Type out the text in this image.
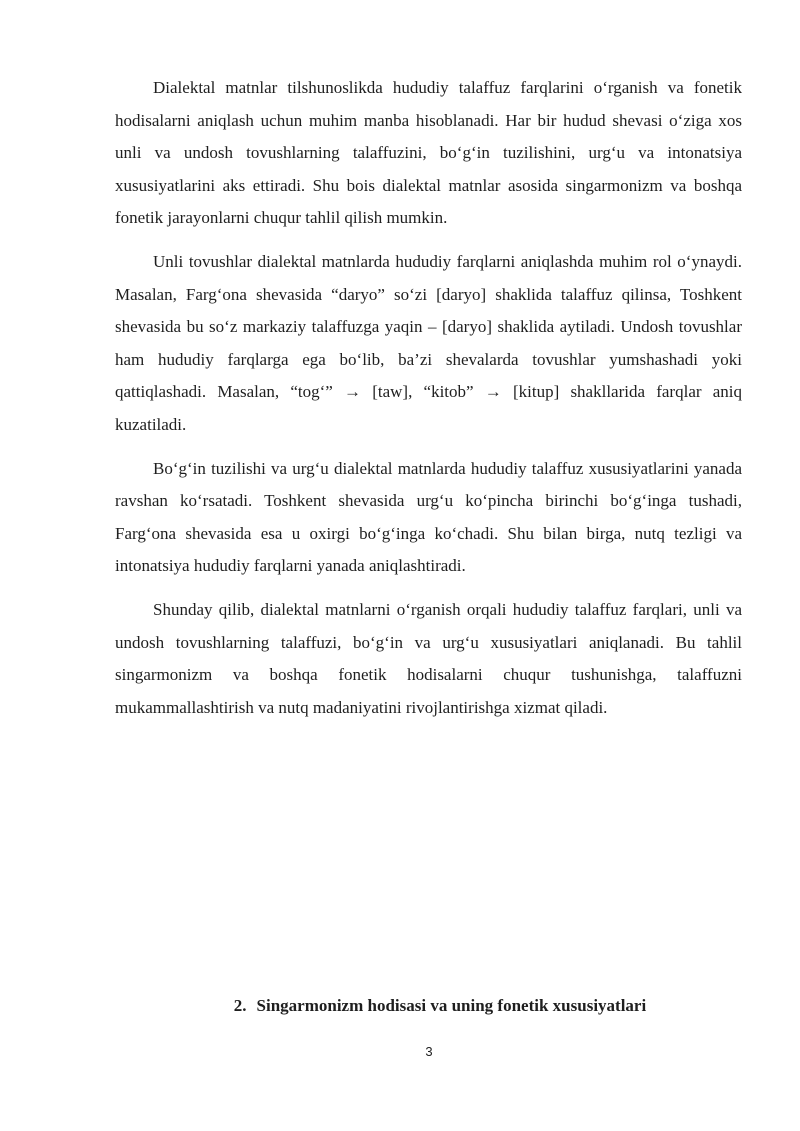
Dialektal matnlar tilshunoslikda hududiy talaffuz farqlarini o‘rganish va fonetik hodisalarni aniqlash uchun muhim manba hisoblanadi. Har bir hudud shevasi o‘ziga xos unli va undosh tovushlarning talaffuzini, bo‘g‘in tuzilishini, urg‘u va intonatsiya xususiyatlarini aks ettiradi. Shu bois dialektal matnlar asosida singarmonizm va boshqa fonetik jarayonlarni chuqur tahlil qilish mumkin.

Unli tovushlar dialektal matnlarda hududiy farqlarni aniqlashda muhim rol o‘ynaydi. Masalan, Farg‘ona shevasida “daryo” so‘zi [daryo] shaklida talaffuz qilinsa, Toshkent shevasida bu so‘z markaziy talaffuzga yaqin – [daryo] shaklida aytiladi. Undosh tovushlar ham hududiy farqlarga ega bo‘lib, ba’zi shevalarda tovushlar yumshashadi yoki qattiqlashadi. Masalan, “tog‘” → [taw], “kitob” → [kitup] shakllarida farqlar aniq kuzatiladi.

Bo‘g‘in tuzilishi va urg‘u dialektal matnlarda hududiy talaffuz xususiyatlarini yanada ravshan ko‘rsatadi. Toshkent shevasida urg‘u ko‘pincha birinchi bo‘g‘inga tushadi, Farg‘ona shevasida esa u oxirgi bo‘g‘inga ko‘chadi. Shu bilan birga, nutq tezligi va intonatsiya hududiy farqlarni yanada aniqlashtiradi.

Shunday qilib, dialektal matnlarni o‘rganish orqali hududiy talaffuz farqlari, unli va undosh tovushlarning talaffuzi, bo‘g‘in va urg‘u xususiyatlari aniqlanadi. Bu tahlil singarmonizm va boshqa fonetik hodisalarni chuqur tushunishga, talaffuzni mukammallashtirish va nutq madaniyatini rivojlantirishga xizmat qiladi.

2. Singarmonizm hodisasi va uning fonetik xususiyatlari
3
